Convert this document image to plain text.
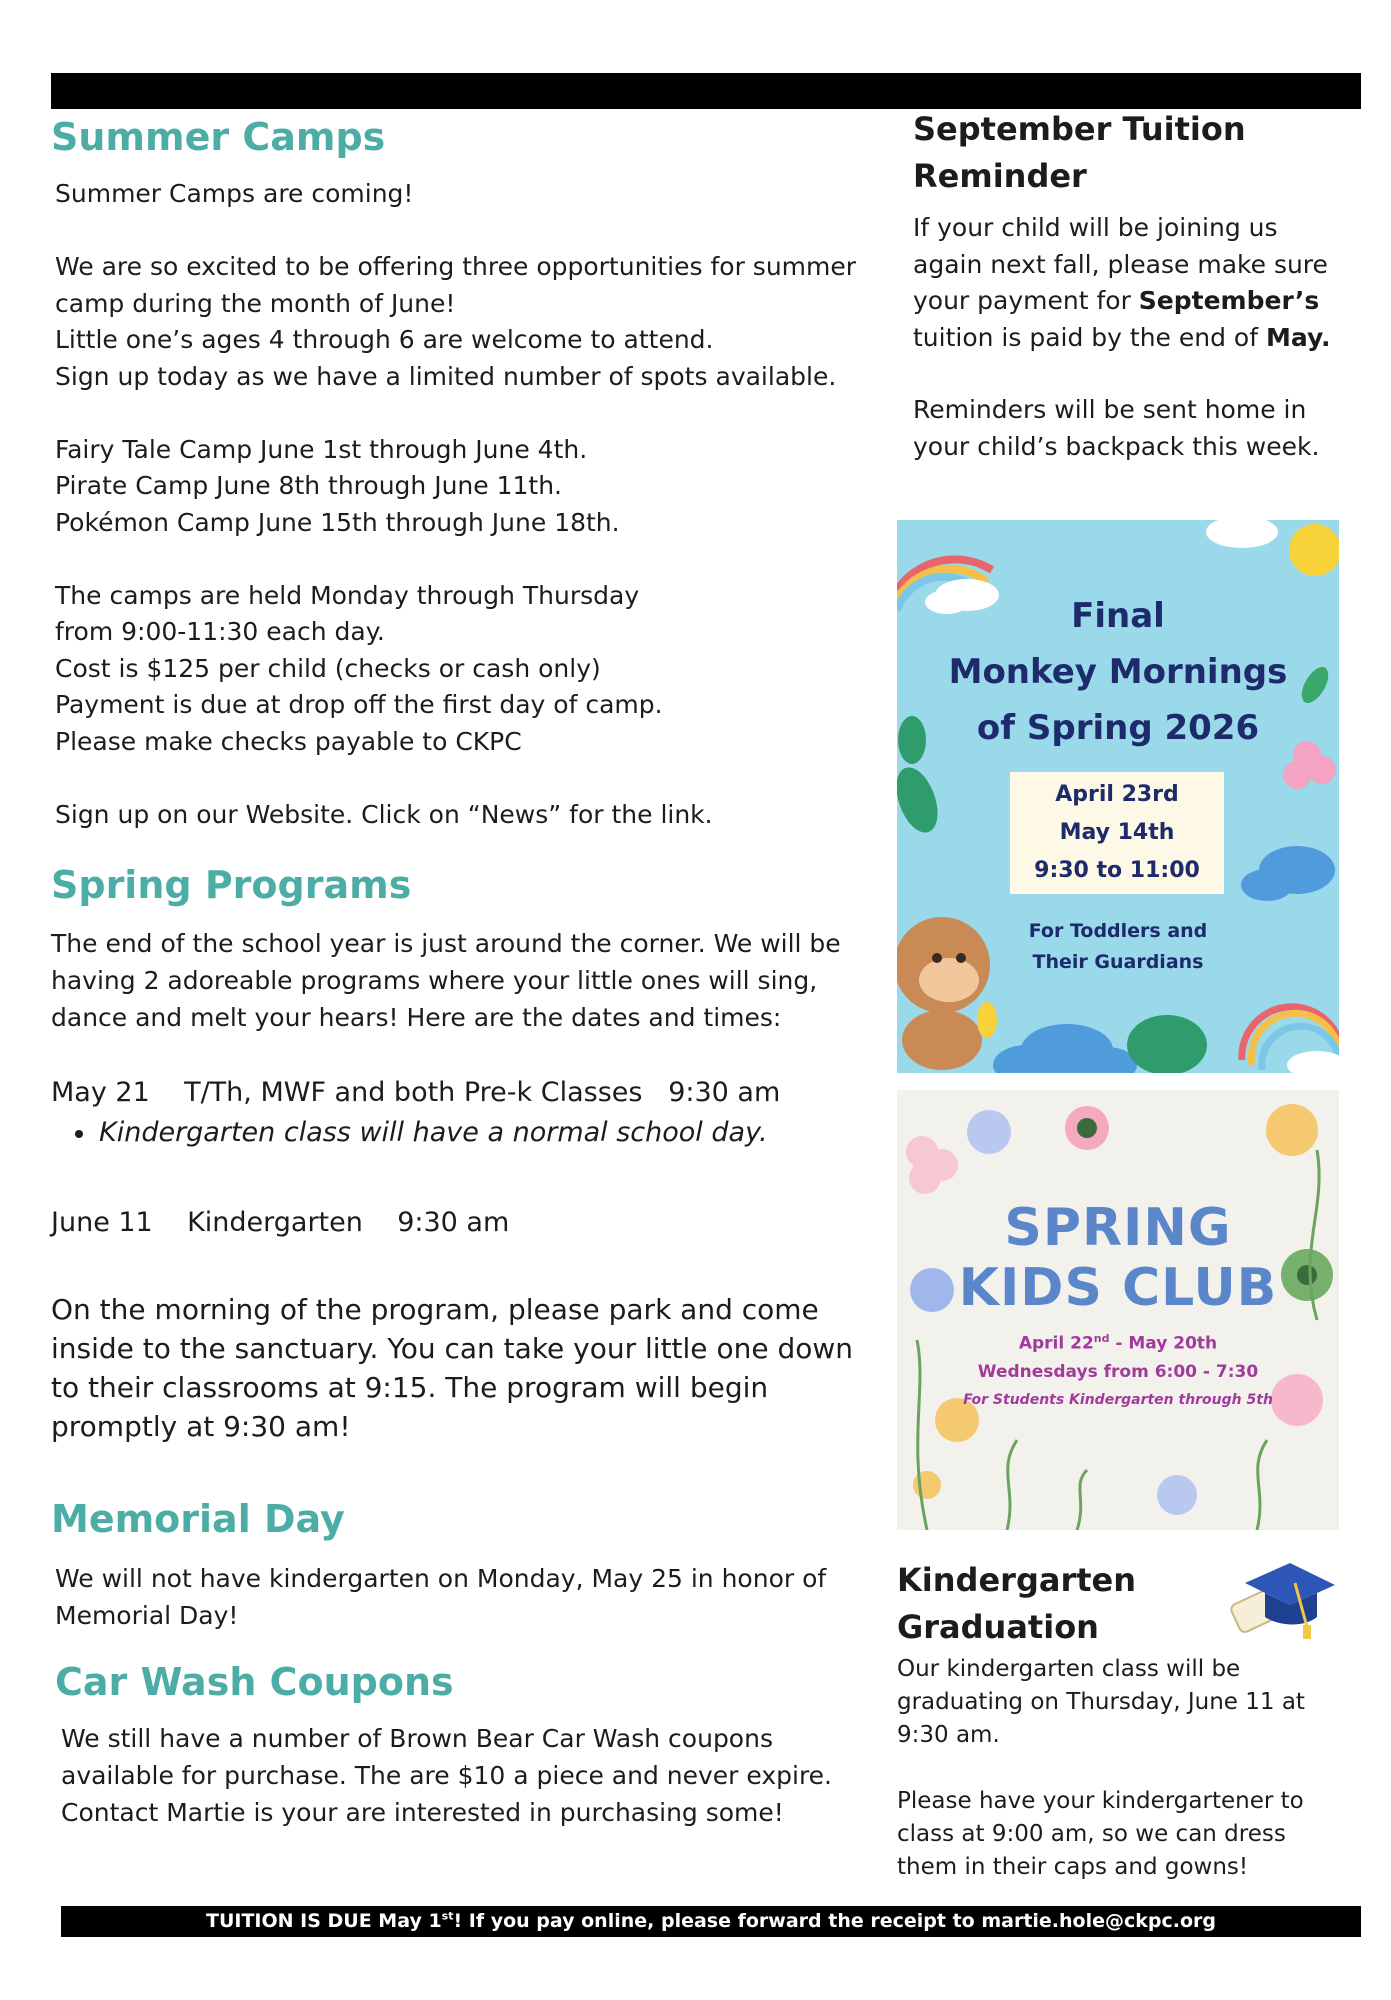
Summer Camps
Summer Camps are coming!
We are so excited to be offering three opportunities for summer
camp during the month of June!
Little one’s ages 4 through 6 are welcome to attend.
Sign up today as we have a limited number of spots available.
Fairy Tale Camp June 1st through June 4th.
Pirate Camp June 8th through June 11th.
Pokémon Camp June 15th through June 18th.
The camps are held Monday through Thursday
from 9:00-11:30 each day.
Cost is $125 per child (checks or cash only)
Payment is due at drop off the first day of camp.
Please make checks payable to CKPC
Sign up on our Website. Click on “News” for the link.
Spring Programs
The end of the school year is just around the corner. We will be
having 2 adoreable programs where your little ones will sing,
dance and melt your hears! Here are the dates and times:
May 21    T/Th, MWF and both Pre-k Classes   9:30 am
Kindergarten class will have a normal school day.
June 11    Kindergarten    9:30 am
On the morning of the program, please park and come
inside to the sanctuary. You can take your little one down
to their classrooms at 9:15. The program will begin
promptly at 9:30 am!
Memorial Day
We will not have kindergarten on Monday, May 25 in honor of
Memorial Day!
Car Wash Coupons
We still have a number of Brown Bear Car Wash coupons
available for purchase. The are $10 a piece and never expire.
Contact Martie is your are interested in purchasing some!
September Tuition
Reminder

If your child will be joining us again next fall, please make sure your payment for September’s tuition is paid by the end of May.

Reminders will be sent home in your child’s backpack this week.

Final
Monkey Mornings
of Spring 2026
April 23rd
May 14th
9:30 to 11:00
For Toddlers and
Their Guardians
SPRING
KIDS CLUB
April 22nd - May 20th
Wednesdays from 6:00 - 7:30
For Students Kindergarten through 5th
Kindergarten
Graduation

Our kindergarten class will be graduating on Thursday, June 11 at 9:30 am.

Please have your kindergartener to class at 9:00 am, so we can dress them in their caps and gowns!

TUITION IS DUE May 1st! If you pay online, please forward the receipt to martie.hole@ckpc.org
